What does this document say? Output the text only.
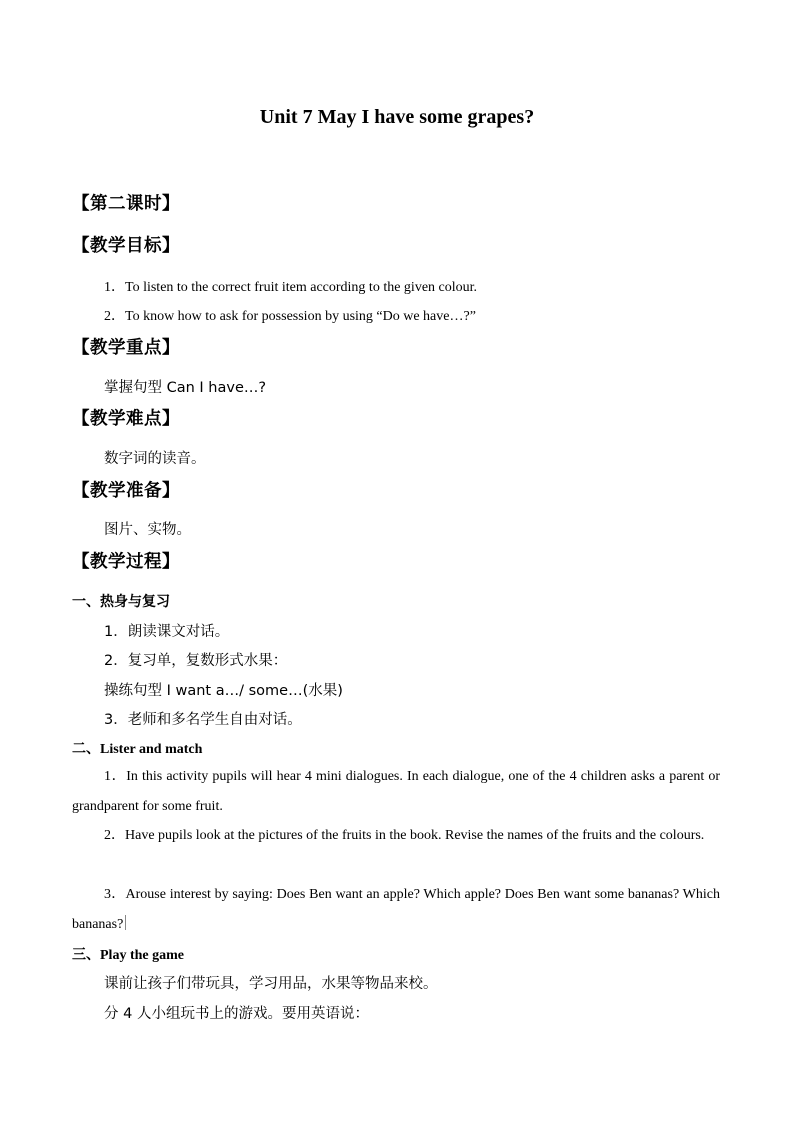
Unit 7 May I have some grapes?
【第二课时】
【教学目标】
1．To listen to the correct fruit item according to the given colour.
2．To know how to ask for possession by using “Do we have…?”
【教学重点】
掌握句型 Can I have…?
【教学难点】
数字词的读音。
【教学准备】
图片、实物。
【教学过程】
一、热身与复习
1．朗读课文对话。
2．复习单，复数形式水果：
操练句型 I want a…/ some…(水果)
3．老师和多名学生自由对话。
二、Lister and match
1．In this activity pupils will hear 4 mini dialogues. In each dialogue, one of the 4 children asks a parent or grandparent for some fruit.
2．Have pupils look at the pictures of the fruits in the book. Revise the names of the fruits and the colours.
3．Arouse interest by saying: Does Ben want an apple? Which apple? Does Ben want some bananas? Which bananas?
三、Play the game
课前让孩子们带玩具，学习用品，水果等物品来校。
分 4 人小组玩书上的游戏。要用英语说：
